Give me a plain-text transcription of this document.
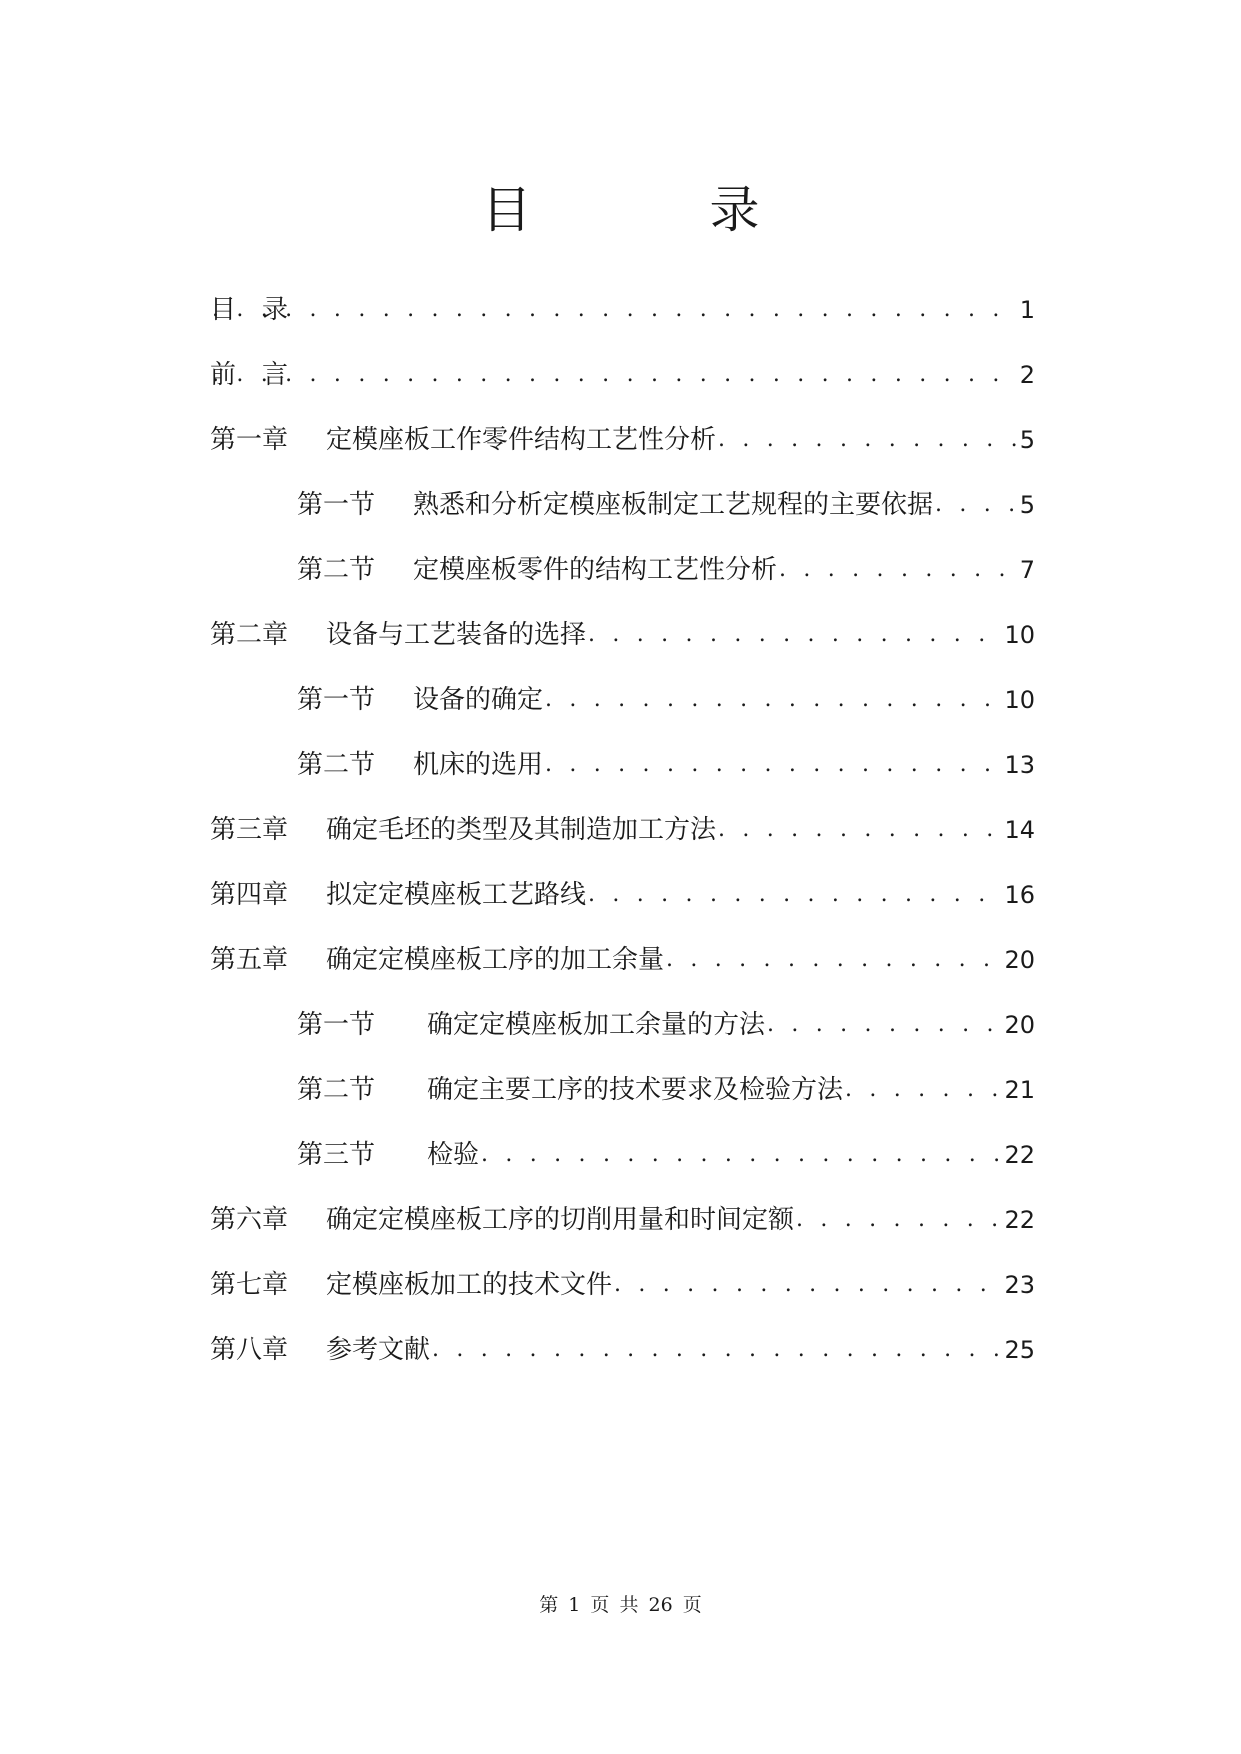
目　录
目　录 . . .	1
前　言 . . .	2
第一章	定模座板工作零件结构工艺性分析 . . .	5
第一节	熟悉和分析定模座板制定工艺规程的主要依据 . . .	5
第二节	定模座板零件的结构工艺性分析 . . .	7
第二章	设备与工艺装备的选择 . . .	10
第一节	设备的确定 . . .	10
第二节	机床的选用 . . .	13
第三章	确定毛坯的类型及其制造加工方法 . . .	14
第四章	拟定定模座板工艺路线 . . .	16
第五章	确定定模座板工序的加工余量 . . .	20
第一节	确定定模座板加工余量的方法 . . .	20
第二节	确定主要工序的技术要求及检验方法 . . .	21
第三节	检验 . . .	22
第六章	确定定模座板工序的切削用量和时间定额 . . .	22
第七章	定模座板加工的技术文件 . . .	23
第八章	参考文献 . . .	25
第 1 页 共 26 页
